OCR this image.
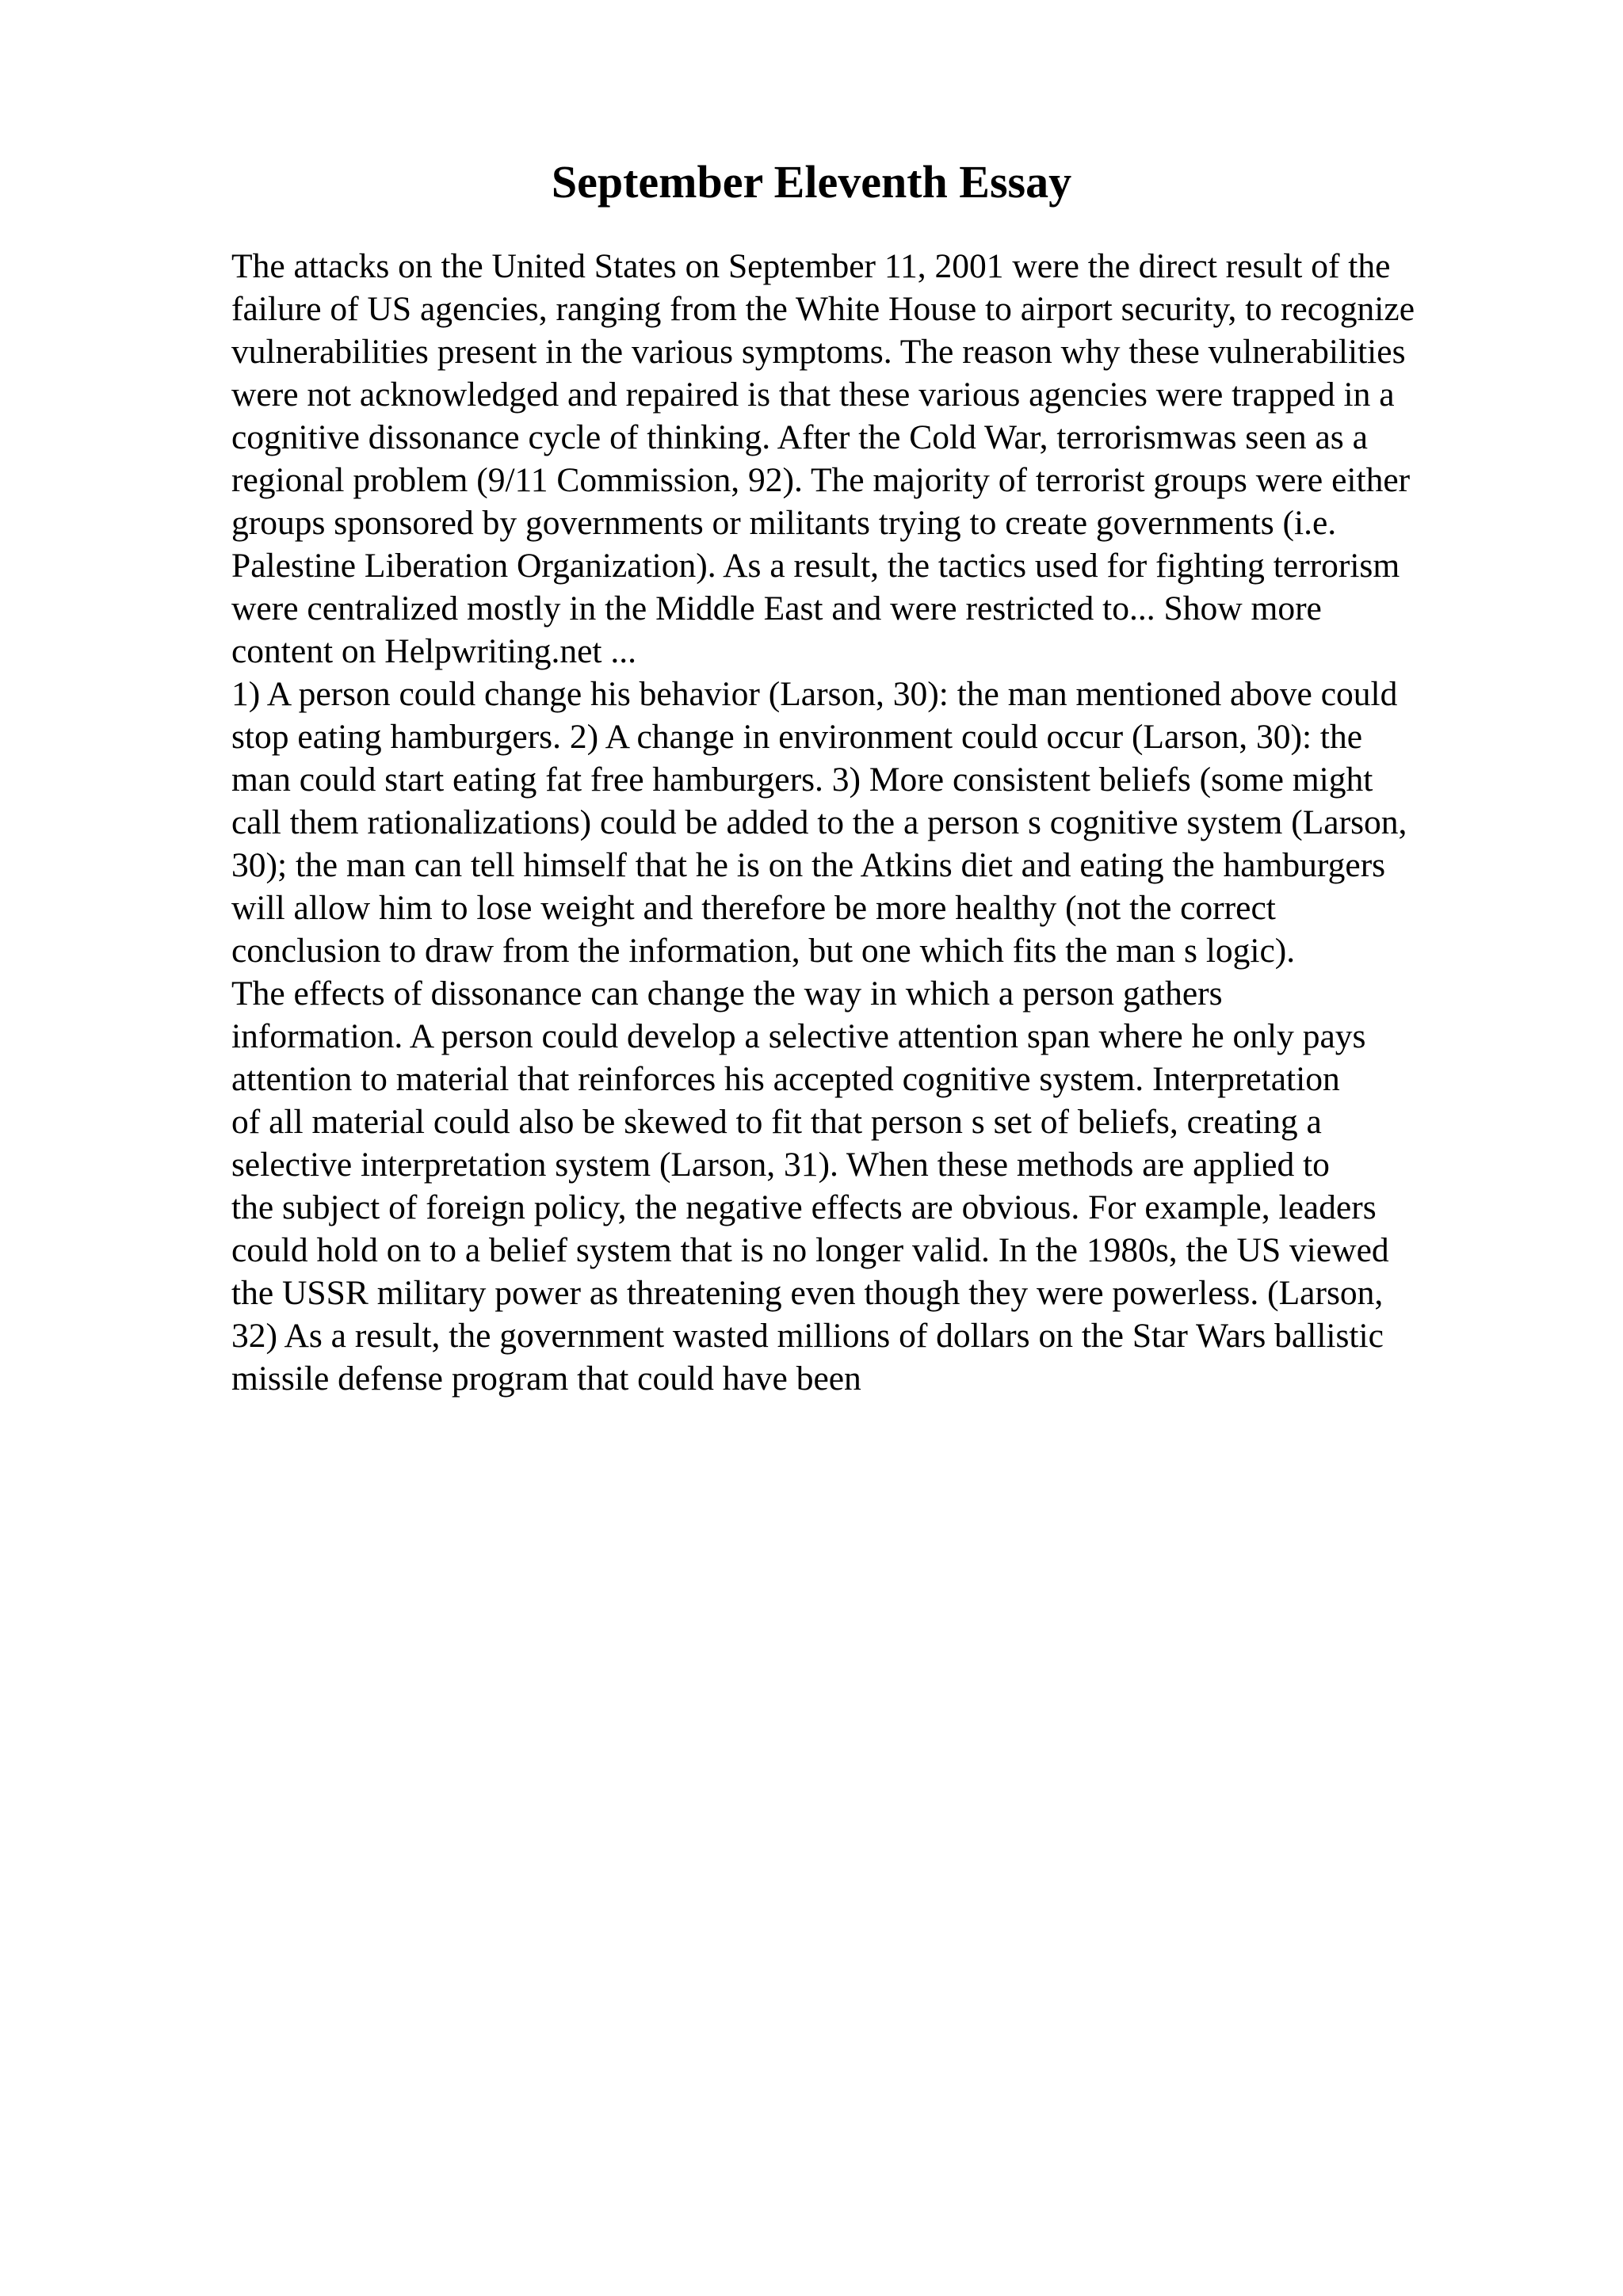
September Eleventh Essay
The attacks on the United States on September 11, 2001 were the direct result of the
failure of US agencies, ranging from the White House to airport security, to recognize
vulnerabilities present in the various symptoms. The reason why these vulnerabilities
were not acknowledged and repaired is that these various agencies were trapped in a
cognitive dissonance cycle of thinking. After the Cold War, terrorismwas seen as a
regional problem (9/11 Commission, 92). The majority of terrorist groups were either
groups sponsored by governments or militants trying to create governments (i.e.
Palestine Liberation Organization). As a result, the tactics used for fighting terrorism
were centralized mostly in the Middle East and were restricted to... Show more
content on Helpwriting.net ...
1) A person could change his behavior (Larson, 30): the man mentioned above could
stop eating hamburgers. 2) A change in environment could occur (Larson, 30): the
man could start eating fat free hamburgers. 3) More consistent beliefs (some might
call them rationalizations) could be added to the a person s cognitive system (Larson,
30); the man can tell himself that he is on the Atkins diet and eating the hamburgers
will allow him to lose weight and therefore be more healthy (not the correct
conclusion to draw from the information, but one which fits the man s logic).
The effects of dissonance can change the way in which a person gathers
information. A person could develop a selective attention span where he only pays
attention to material that reinforces his accepted cognitive system. Interpretation
of all material could also be skewed to fit that person s set of beliefs, creating a
selective interpretation system (Larson, 31). When these methods are applied to
the subject of foreign policy, the negative effects are obvious. For example, leaders
could hold on to a belief system that is no longer valid. In the 1980s, the US viewed
the USSR military power as threatening even though they were powerless. (Larson,
32) As a result, the government wasted millions of dollars on the Star Wars ballistic
missile defense program that could have been
